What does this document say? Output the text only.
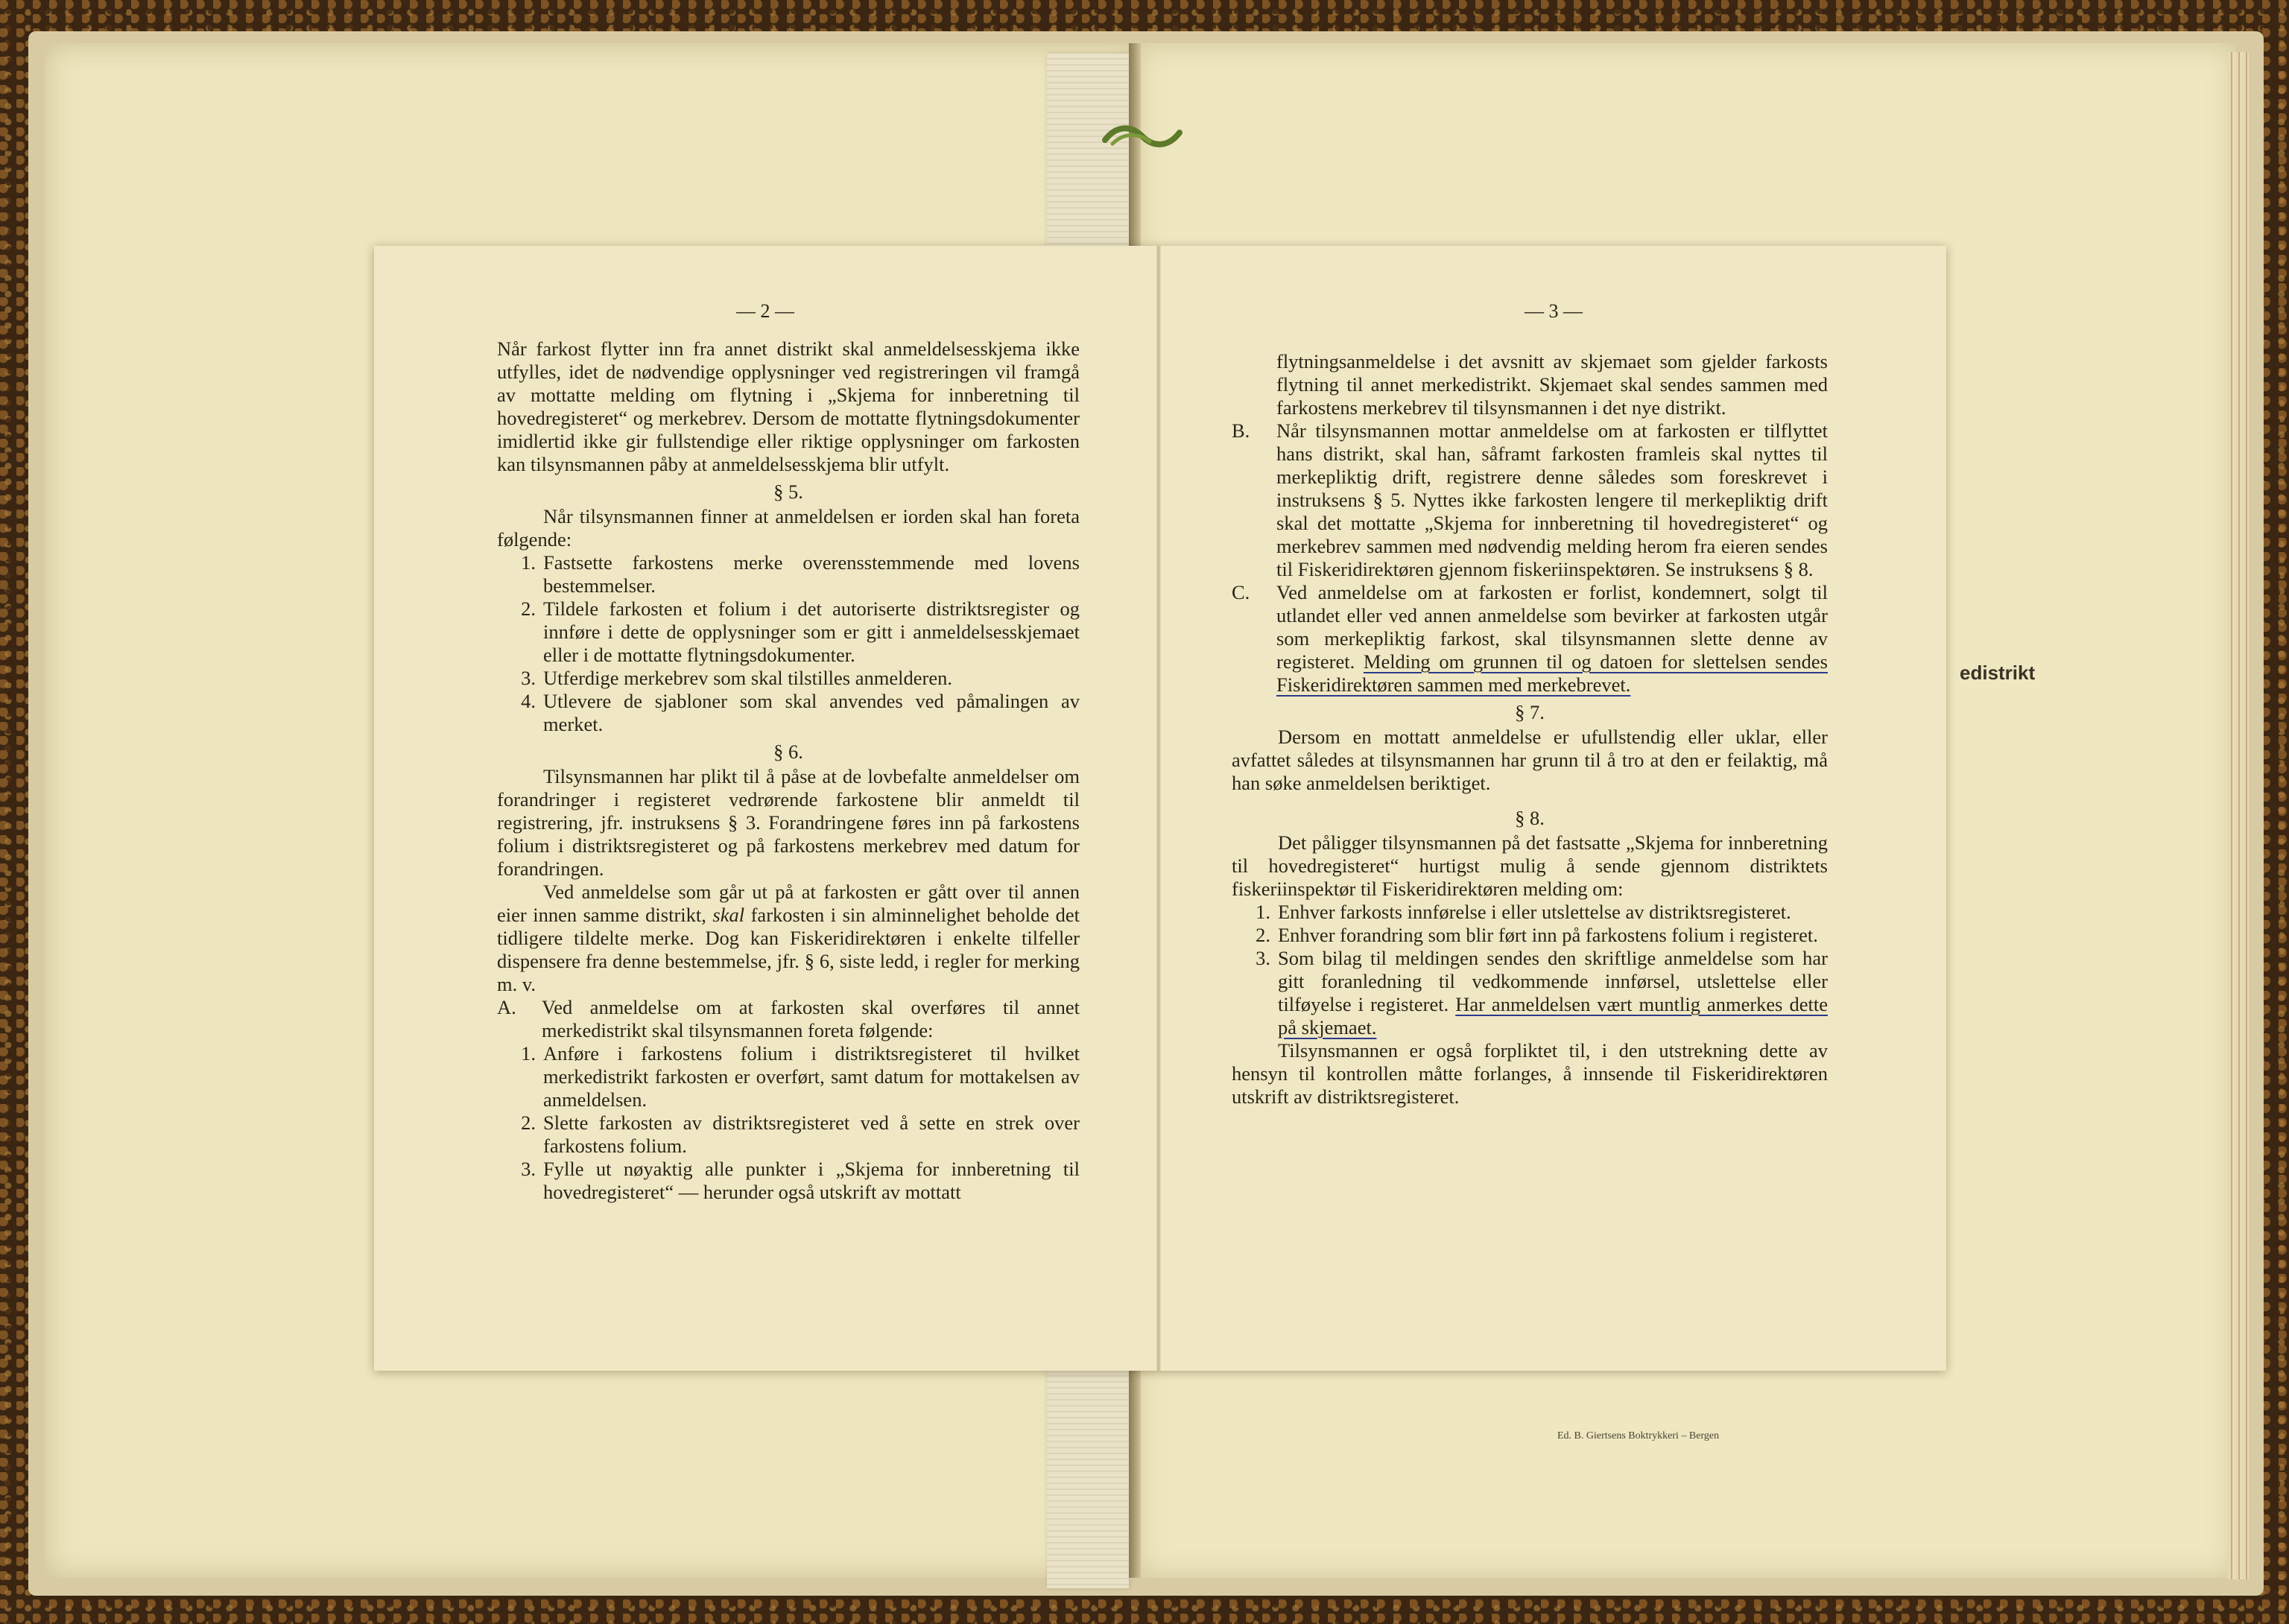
edistrikt
Ed. B. Giertsens Boktrykkeri – Bergen
— 2 —
Når farkost flytter inn fra annet distrikt skal anmeldelsesskjema ikke utfylles, idet de nødvendige opplysninger ved registreringen vil framgå av mottatte melding om flytning i „Skjema for innberetning til hovedregisteret“ og merkebrev. Dersom de mottatte flytningsdokumenter imidlertid ikke gir fullstendige eller riktige opplysninger om farkosten kan tilsynsmannen påby at anmeldelsesskjema blir utfylt.
§ 5.
Når tilsynsmannen finner at anmeldelsen er iorden skal han foreta følgende:
1. Fastsette farkostens merke overensstemmende med lovens bestemmelser.
2. Tildele farkosten et folium i det autoriserte distriktsregister og innføre i dette de opplysninger som er gitt i anmeldelsesskjemaet eller i de mottatte flytningsdokumenter.
3. Utferdige merkebrev som skal tilstilles anmelderen.
4. Utlevere de sjabloner som skal anvendes ved påmalingen av merket.
§ 6.
Tilsynsmannen har plikt til å påse at de lovbefalte anmeldelser om forandringer i registeret vedrørende farkostene blir anmeldt til registrering, jfr. instruksens § 3. Forandringene føres inn på farkostens folium i distriktsregisteret og på farkostens merkebrev med datum for forandringen.
Ved anmeldelse som går ut på at farkosten er gått over til annen eier innen samme distrikt, skal farkosten i sin alminnelighet beholde det tidligere tildelte merke. Dog kan Fiskeridirektøren i enkelte tilfeller dispensere fra denne bestemmelse, jfr. § 6, siste ledd, i regler for merking m. v.
A.	Ved anmeldelse om at farkosten skal overføres til annet merkedistrikt skal tilsynsmannen foreta følgende:
1. Anføre i farkostens folium i distriktsregisteret til hvilket merkedistrikt farkosten er overført, samt datum for mottakelsen av anmeldelsen.
2. Slette farkosten av distriktsregisteret ved å sette en strek over farkostens folium.
3. Fylle ut nøyaktig alle punkter i „Skjema for innberetning til hovedregisteret“ — herunder også utskrift av mottatt
— 3 —
flytningsanmeldelse i det avsnitt av skjemaet som gjelder farkosts flytning til annet merkedistrikt. Skjemaet skal sendes sammen med farkostens merkebrev til tilsynsmannen i det nye distrikt.
B.	Når tilsynsmannen mottar anmeldelse om at farkosten er tilflyttet hans distrikt, skal han, såframt farkosten framleis skal nyttes til merkepliktig drift, registrere denne således som foreskrevet i instruksens § 5. Nyttes ikke farkosten lengere til merkepliktig drift skal det mottatte „Skjema for innberetning til hovedregisteret“ og merkebrev sammen med nødvendig melding herom fra eieren sendes til Fiskeridirektøren gjennom fiskeriinspektøren. Se instruksens § 8.
C.	Ved anmeldelse om at farkosten er forlist, kondemnert, solgt til utlandet eller ved annen anmeldelse som bevirker at farkosten utgår som merkepliktig farkost, skal tilsynsmannen slette denne av registeret. Melding om grunnen til og datoen for slettelsen sendes Fiskeridirektøren sammen med merkebrevet.
§ 7.
Dersom en mottatt anmeldelse er ufullstendig eller uklar, eller avfattet således at tilsynsmannen har grunn til å tro at den er feilaktig, må han søke anmeldelsen beriktiget.
§ 8.
Det påligger tilsynsmannen på det fastsatte „Skjema for innberetning til hovedregisteret“ hurtigst mulig å sende gjennom distriktets fiskeriinspektør til Fiskeridirektøren melding om:
1. Enhver farkosts innførelse i eller utslettelse av distriktsregisteret.
2. Enhver forandring som blir ført inn på farkostens folium i registeret.
3. Som bilag til meldingen sendes den skriftlige anmeldelse som har gitt foranledning til vedkommende innførsel, utslettelse eller tilføyelse i registeret. Har anmeldelsen vært muntlig anmerkes dette på skjemaet.
Tilsynsmannen er også forpliktet til, i den utstrekning dette av hensyn til kontrollen måtte forlanges, å innsende til Fiskeridirektøren utskrift av distriktsregisteret.
